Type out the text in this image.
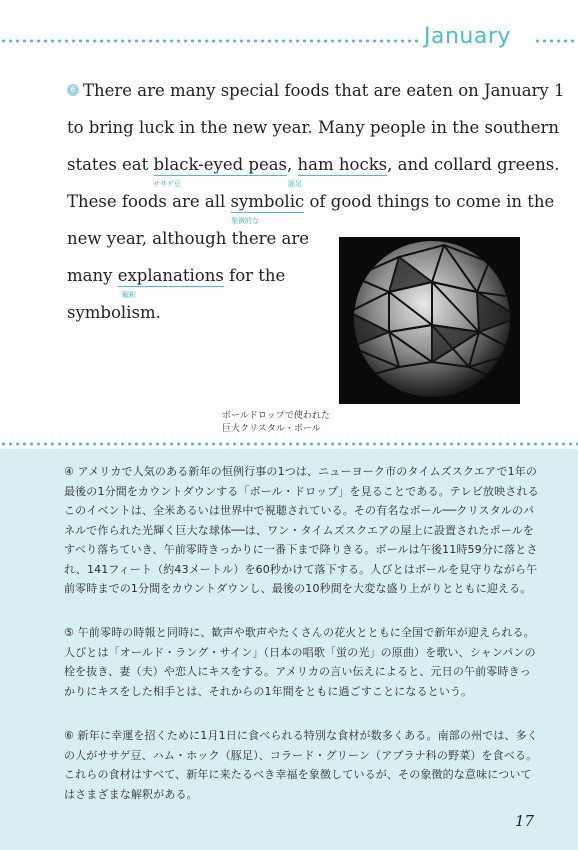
January
6 There are many special foods that are eaten on January 1
to bring luck in the new year. Many people in the southern
states eat black-eyed peas, ham hocks, and collard greens.
ササゲ豆	豚足
These foods are all symbolic of good things to come in the
象徴的な
new year, although there are
many explanations for the
解釈
symbolism.
ボールドロップで使われた
巨大クリスタル・ボール
④ アメリカで人気のある新年の恒例行事の1つは、ニューヨーク市のタイムズスクエアで1年の最後の1分間をカウントダウンする「ボール・ドロップ」を見ることである。テレビ放映されるこのイベントは、全米あるいは世界中で視聴されている。その有名なボール──クリスタルのパネルで作られた光輝く巨大な球体──は、ワン・タイムズスクエアの屋上に設置されたポールをすべり落ちていき、午前零時きっかりに一番下まで降りきる。ボールは午後11時59分に落とされ、141フィート（約43メートル）を60秒かけて落下する。人びとはボールを見守りながら午前零時までの1分間をカウントダウンし、最後の10秒間を大変な盛り上がりとともに迎える。
⑤ 午前零時の時報と同時に、歓声や歌声やたくさんの花火とともに全国で新年が迎えられる。人びとは「オールド・ラング・サイン」（日本の唱歌「蛍の光」の原曲）を歌い、シャンパンの栓を抜き、妻（夫）や恋人にキスをする。アメリカの言い伝えによると、元日の午前零時きっかりにキスをした相手とは、それからの1年間をともに過ごすことになるという。
⑥ 新年に幸運を招くために1月1日に食べられる特別な食材が数多くある。南部の州では、多くの人がササゲ豆、ハム・ホック（豚足）、コラード・グリーン（アブラナ科の野菜）を食べる。これらの食材はすべて、新年に来たるべき幸福を象徴しているが、その象徴的な意味についてはさまざまな解釈がある。
17
